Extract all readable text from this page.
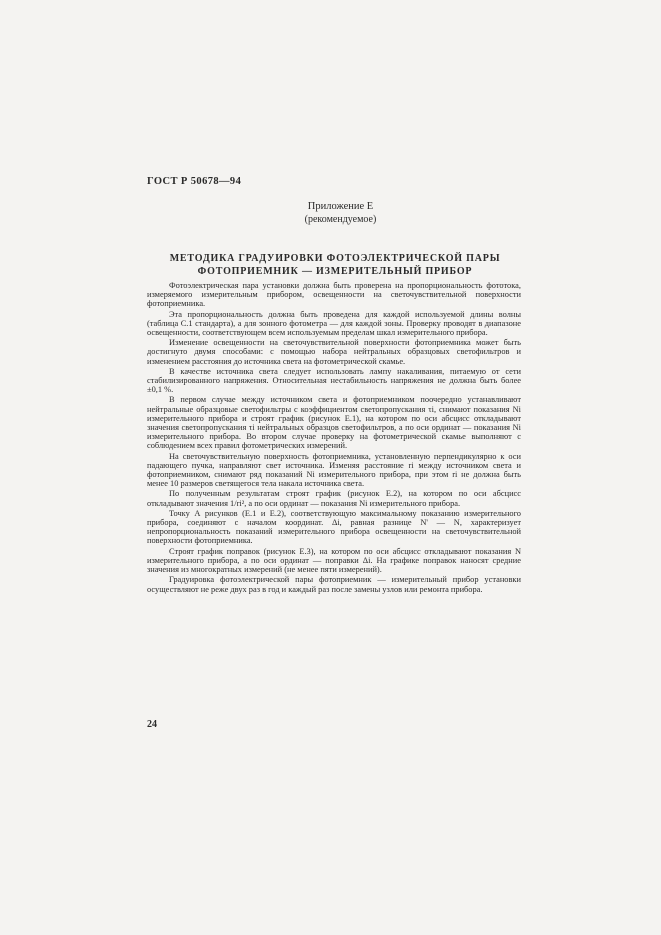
ГОСТ Р 50678—94
Приложение Е
(рекомендуемое)
МЕТОДИКА ГРАДУИРОВКИ ФОТОЭЛЕКТРИЧЕСКОЙ ПАРЫ
ФОТОПРИЕМНИК — ИЗМЕРИТЕЛЬНЫЙ ПРИБОР

Фотоэлектрическая пара установки должна быть проверена на пропорциональность фототока, измеряемого измерительным прибором, освещенности на светочувствительной поверхности фотоприемника.

Эта пропорциональность должна быть проведена для каждой используемой длины волны (таблица С.1 стандарта), а для зонного фотометра — для каждой зоны. Проверку проводят в диапазоне освещенности, соответствующем всем используемым пределам шкал измерительного прибора.

Изменение освещенности на светочувствительной поверхности фотоприемника может быть достигнуто двумя способами: с помощью набора нейтральных образцовых светофильтров и изменением расстояния до источника света на фотометрической скамье.

В качестве источника света следует использовать лампу накаливания, питаемую от сети стабилизированного напряжения. Относительная нестабильность напряжения не должна быть более ±0,1 %.

В первом случае между источником света и фотоприемником поочередно устанавливают нейтральные образцовые светофильтры с коэффициентом светопропускания τi, снимают показания Ni измерительного прибора и строят график (рисунок Е.1), на котором по оси абсцисс откладывают значения светопропускания τi нейтральных образцов светофильтров, а по оси ординат — показания Ni измерительного прибора. Во втором случае проверку на фотометрической скамье выполняют с соблюдением всех правил фотометрических измерений.

На светочувствительную поверхность фотоприемника, установленную перпендикулярно к оси падающего пучка, направляют свет источника. Изменяя расстояние ri между источником света и фотоприемником, снимают ряд показаний Ni измерительного прибора, при этом ri не должна быть менее 10 размеров светящегося тела накала источника света.

По полученным результатам строят график (рисунок Е.2), на котором по оси абсцисс откладывают значения 1/ri², а по оси ординат — показания Ni измерительного прибора.

Точку А рисунков (Е.1 и Е.2), соответствующую максимальному показанию измерительного прибора, соединяют с началом координат. Δi, равная разнице N' — N, характеризует непропорциональность показаний измерительного прибора освещенности на светочувствительной поверхности фотоприемника.

Строят график поправок (рисунок Е.3), на котором по оси абсцисс откладывают показания N измерительного прибора, а по оси ординат — поправки Δi. На графике поправок наносят средние значения из многократных измерений (не менее пяти измерений).

Градуировка фотоэлектрической пары фотоприемник — измерительный прибор установки осуществляют не реже двух раз в год и каждый раз после замены узлов или ремонта прибора.

24
